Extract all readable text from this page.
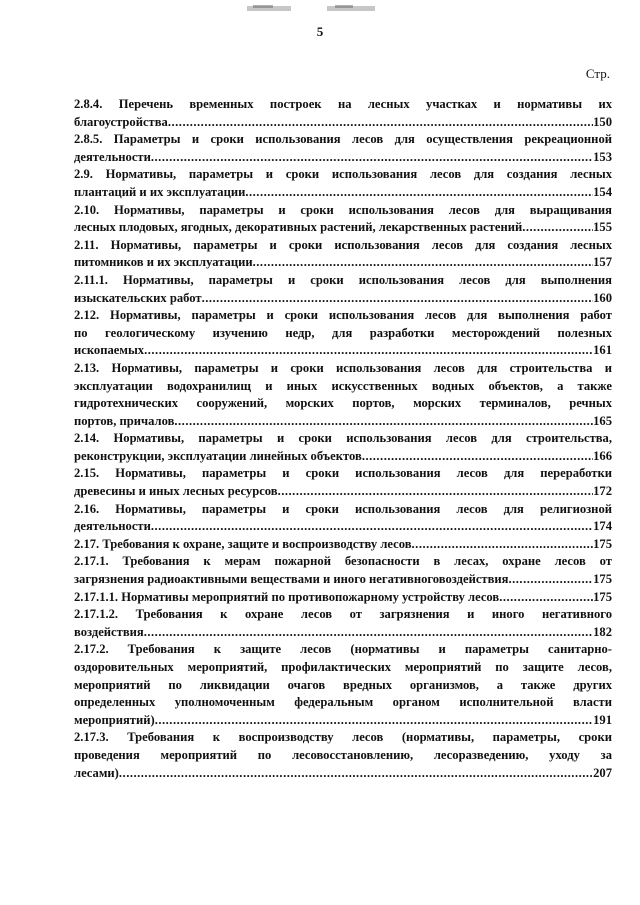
5
Стр.
2.8.4. Перечень временных построек на лесных участках и нормативы их
благоустройства .....	150
2.8.5. Параметры и сроки использования лесов для осуществления рекреационной
деятельности .....	153
2.9. Нормативы, параметры и сроки использования лесов для создания лесных
плантаций и их эксплуатации .....	154
2.10. Нормативы, параметры и сроки использования лесов для выращивания
лесных плодовых, ягодных, декоративных растений, лекарственных растений .....	155
2.11. Нормативы, параметры и сроки использования лесов для создания лесных
питомников и их эксплуатации .....	157
2.11.1. Нормативы, параметры и сроки использования лесов для выполнения
изыскательских работ .....	160
2.12. Нормативы, параметры и сроки использования лесов для выполнения работ
по геологическому изучению недр, для разработки месторождений полезных
ископаемых .....	161
2.13. Нормативы, параметры и сроки использования лесов для строительства и
эксплуатации водохранилищ и иных искусственных водных объектов, а также
гидротехнических сооружений, морских портов, морских терминалов, речных
портов, причалов .....	165
2.14. Нормативы, параметры и сроки использования лесов для строительства,
реконструкции, эксплуатации линейных объектов .....	166
2.15. Нормативы, параметры и сроки использования лесов для переработки
древесины и иных лесных ресурсов .....	172
2.16. Нормативы, параметры и сроки использования лесов для религиозной
деятельности .....	174
2.17. Требования к охране, защите и воспроизводству лесов .....	175
2.17.1. Требования к мерам пожарной безопасности в лесах, охране лесов от
загрязнения радиоактивными веществами и иного негативноговоздействия .....	175
2.17.1.1. Нормативы мероприятий по противопожарному устройству лесов .....	175
2.17.1.2. Требования к охране лесов от загрязнения и иного негативного
воздействия .....	182
2.17.2. Требования к защите лесов (нормативы и параметры санитарно-
оздоровительных мероприятий, профилактических мероприятий по защите лесов,
мероприятий по ликвидации очагов вредных организмов, а также других
определенных уполномоченным федеральным органом исполнительной власти
мероприятий) .....	191
2.17.3. Требования к воспроизводству лесов (нормативы, параметры, сроки
проведения мероприятий по лесовосстановлению, лесоразведению, уходу за
лесами) .....	207
